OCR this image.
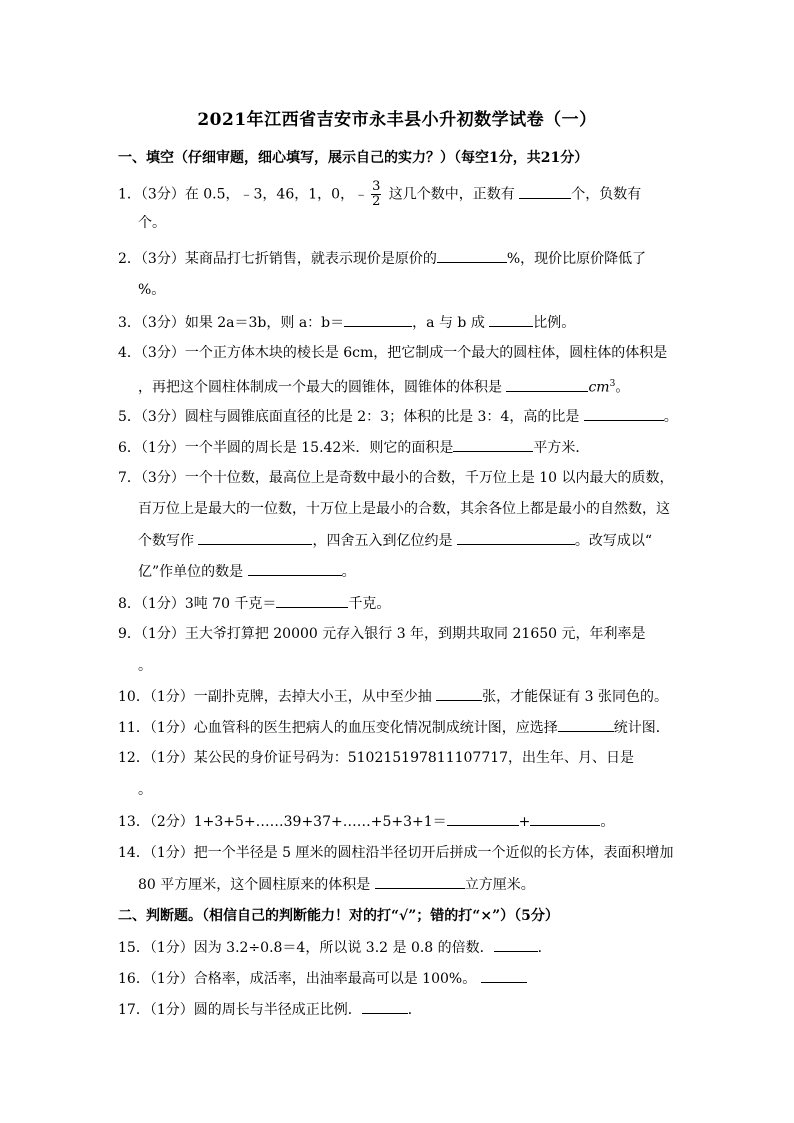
2021年江西省吉安市永丰县小升初数学试卷（一）
一、填空（仔细审题，细心填写，展示自己的实力？）（每空1分，共21分）
1．（3分）在 0.5，﹣3，46，1，0，﹣ $\frac{3}{2}$ 这几个数中，正数有	个，负数有
个。
2．（3分）某商品打七折销售，就表示现价是原价的	%，现价比原价降低了
%。
3．（3分）如果 2a＝3b，则 a：b＝	，a 与 b 成	比例。
4．（3分）一个正方体木块的棱长是 6cm，把它制成一个最大的圆柱体，圆柱体的体积是
，再把这个圆柱体制成一个最大的圆锥体，圆锥体的体积是	$cm^3$。
5．（3分）圆柱与圆锥底面直径的比是 2：3；体积的比是 3：4，高的比是	。
6．（1分）一个半圆的周长是 15.42米．则它的面积是	平方米．
7．（3分）一个十位数，最高位上是奇数中最小的合数，千万位上是 10 以内最大的质数，
百万位上是最大的一位数，十万位上是最小的合数，其余各位上都是最小的自然数，这
个数写作	，四舍五入到亿位约是	。改写成以“
亿”作单位的数是	。
8．（1分）3吨 70 千克＝	千克。
9．（1分）王大爷打算把 20000 元存入银行 3 年，到期共取同 21650 元，年利率是
。
10．（1分）一副扑克牌，去掉大小王，从中至少抽	张，才能保证有 3 张同色的。
11．（1分）心血管科的医生把病人的血压变化情况制成统计图，应选择	统计图．
12．（1分）某公民的身价证号码为：510215197811107717，出生年、月、日是
。
13．（2分）1+3+5+……39+37+……+5+3+1＝	+	。
14．（1分）把一个半径是 5 厘米的圆柱沿半径切开后拼成一个近似的长方体，表面积增加
80 平方厘米，这个圆柱原来的体积是	立方厘米。
二、判断题。（相信自己的判断能力！对的打“√”；错的打“×”）（5分）
15．（1分）因为 3.2÷0.8＝4，所以说 3.2 是 0.8 的倍数．	．
16．（1分）合格率，成活率，出油率最高可以是 100%。
17．（1分）圆的周长与半径成正比例．	．
